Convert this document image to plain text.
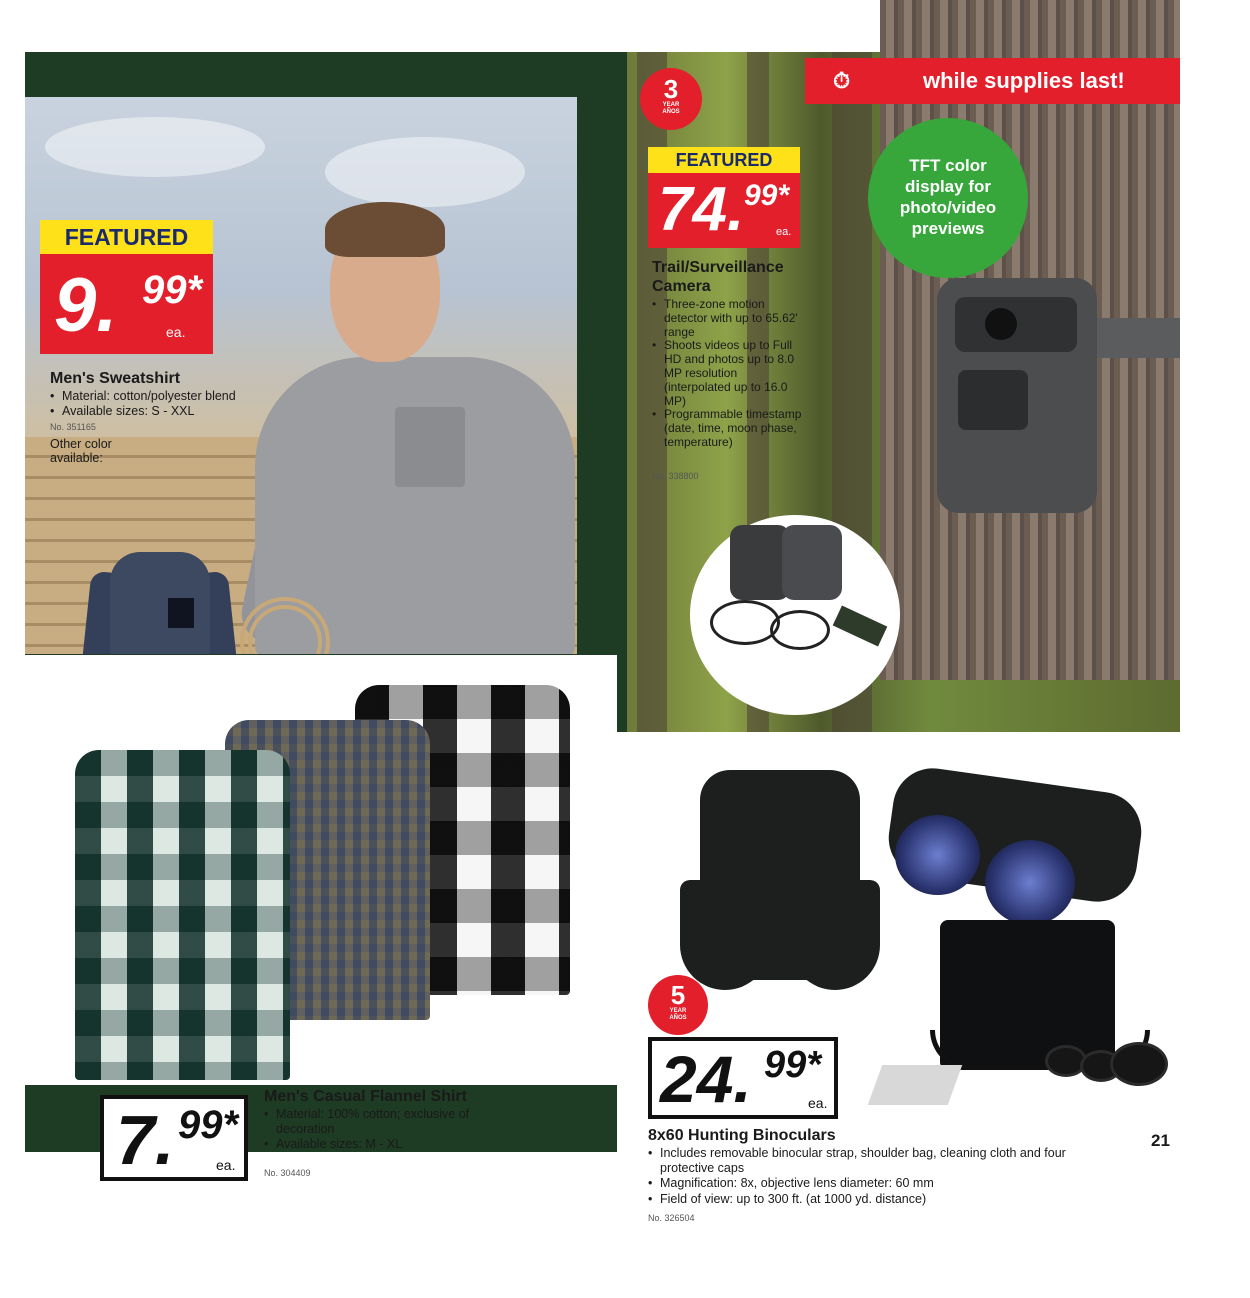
FEATURED
9. 99*
ea.
Men's Sweatshirt
• Material: cotton/polyester blend
• Available sizes: S - XXL
No. 351165
Other color available:
7. 99*
ea.
Men's Casual Flannel Shirt
• Material: 100% cotton; exclusive of decoration
• Available sizes: M - XL
No. 304409
⏱	while supplies last!
3
YEAR
AÑOS
FEATURED
74. 99*
ea.
TFT color display for photo/video previews
Trail/Surveillance Camera
• Three-zone motion detector with up to 65.62' range
• Shoots videos up to Full HD and photos up to 8.0 MP resolution (interpolated up to 16.0 MP)
• Programmable timestamp (date, time, moon phase, temperature)
No. 338800
5
YEAR
AÑOS
24. 99*
ea.
8x60 Hunting Binoculars
• Includes removable binocular strap, shoulder bag, cleaning cloth and four protective caps
• Magnification: 8x, objective lens diameter: 60 mm
• Field of view: up to 300 ft. (at 1000 yd. distance)
No. 326504
21
